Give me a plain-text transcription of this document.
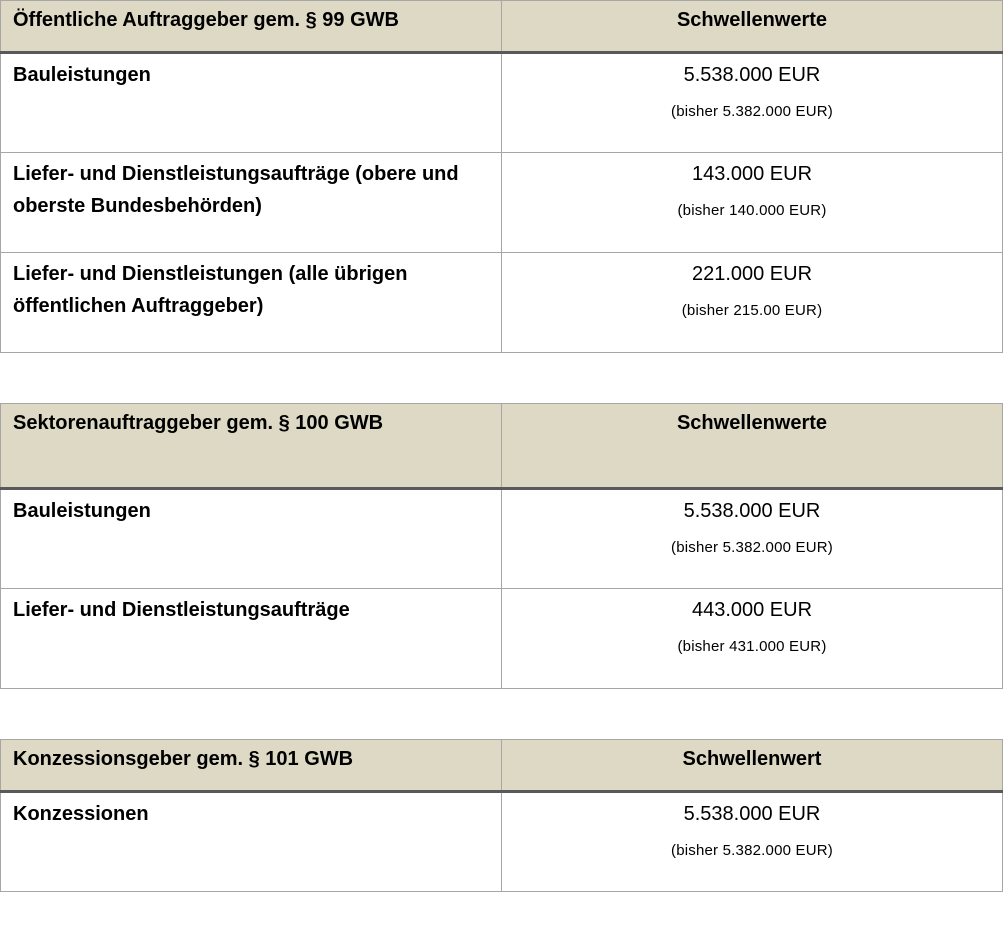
Öffentliche Auftraggeber gem. § 99 GWB	Schwellenwerte
Bauleistungen	5.538.000 EUR
(bisher 5.382.000 EUR)

Liefer- und Dienstleistungsaufträge (obere und oberste Bundesbehörden)	143.000 EUR
(bisher 140.000 EUR)

Liefer- und Dienstleistungen (alle übrigen öffentlichen Auftraggeber)	221.000 EUR
(bisher 215.00 EUR)
Sektorenauftraggeber gem. § 100 GWB	Schwellenwerte
Bauleistungen	5.538.000 EUR
(bisher 5.382.000 EUR)

Liefer- und Dienstleistungsaufträge	443.000 EUR
(bisher 431.000 EUR)
Konzessionsgeber gem. § 101 GWB	Schwellenwert
Konzessionen	5.538.000 EUR
(bisher 5.382.000 EUR)
